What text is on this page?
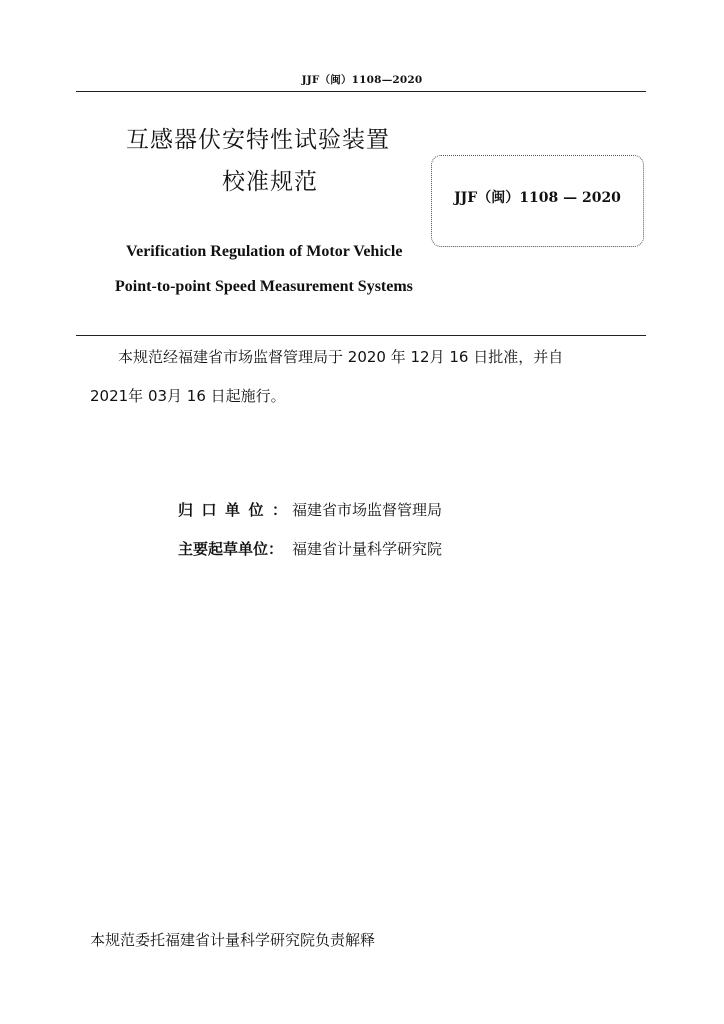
JJF（闽）1108—2020
互感器伏安特性试验装置
校准规范
JJF（闽）1108 — 2020
Verification Regulation of Motor Vehicle
Point-to-point Speed Measurement Systems
本规范经福建省市场监督管理局于 2020 年 12月 16 日批准，并自
2021年 03月 16 日起施行。
归口单位：福建省市场监督管理局
主要起草单位： 福建省计量科学研究院
本规范委托福建省计量科学研究院负责解释
